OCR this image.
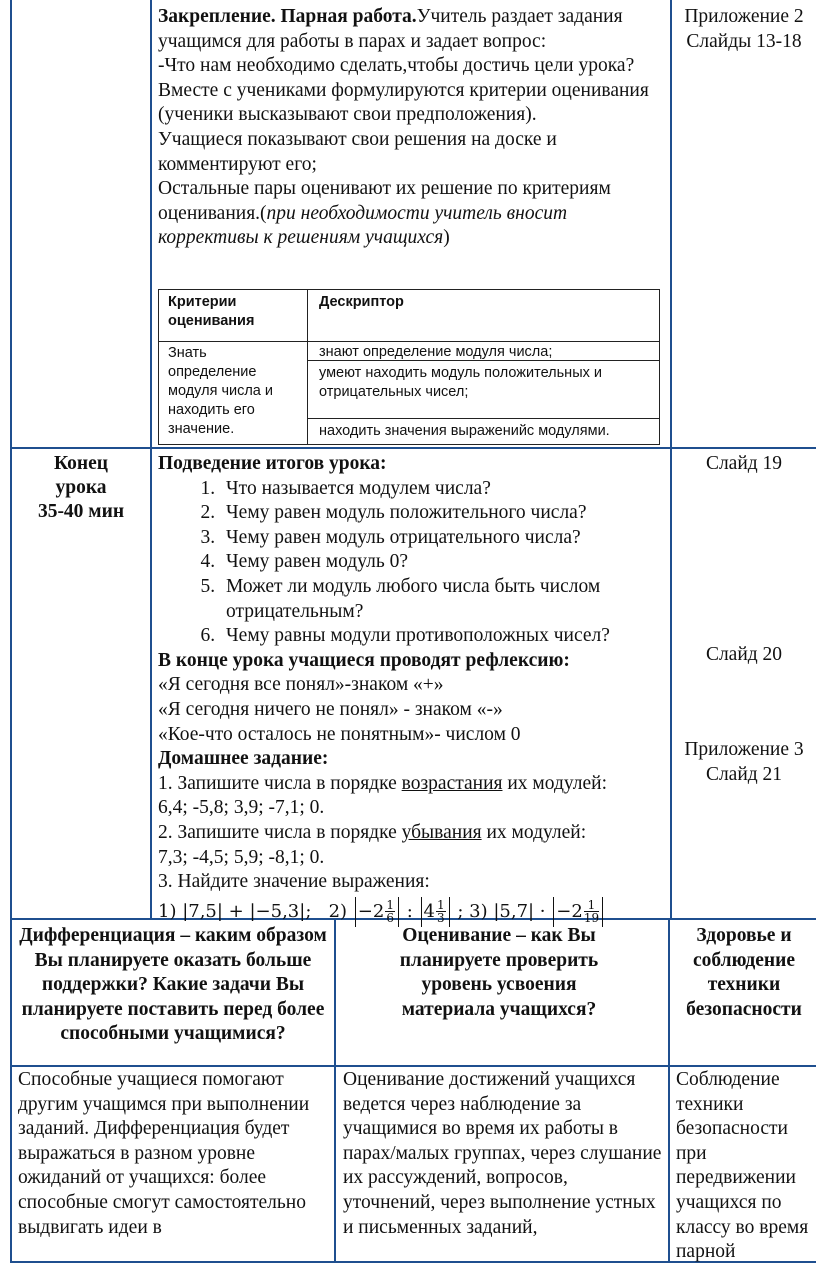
Закрепление. Парная работа.Учитель раздает задания учащимся для работы в парах и задает вопрос:

-Что нам необходимо сделать,чтобы достичь цели урока?

Вместе с учениками формулируются критерии оценивания (ученики высказывают свои предположения).

Учащиеся показывают свои решения на доске и комментируют его;

Остальные пары оценивают их решение по критериям оценивания.(при необходимости учитель вносит коррективы к решениям учащихся)

Приложение 2 Слайды 13-18
Критерии оценивания
Дескриптор
Знать определение модуля числа и находить его значение.
знают определение модуля числа;
умеют находить модуль положительных и отрицательных чисел;
находить значения выраженийс модулями.
Конец
урока
35-40 мин
Подведение итогов урока:
1. Что называется модулем числа?
2. Чему равен модуль положительного числа?
3. Чему равен модуль отрицательного числа?
4. Чему равен модуль 0?
5. Может ли модуль любого числа быть числом отрицательным?
6. Чему равны модули противоположных чисел?
В конце урока учащиеся проводят рефлексию:
«Я сегодня все понял»-знаком «+»
«Я сегодня ничего не понял» - знаком «-»
«Кое-что осталось не понятным»- числом 0
Домашнее задание:
1. Запишите числа в порядке возрастания их модулей:
6,4; -5,8; 3,9; -7,1; 0.
2. Запишите числа в порядке убывания их модулей:
7,3; -4,5; 5,9; -8,1; 0.
3. Найдите значение выражения:
1) |7,5| + |−5,3|; $2) -2 \frac{1}{6}$ : $4 \frac{1}{3}$ ; 3) $|5,7| \cdot -2 \frac{1}{19}$
Слайд 19
Слайд 20
Приложение 3 Слайд 21
Дифференциация – каким образом Вы планируете оказать больше поддержки? Какие задачи Вы планируете поставить перед более способными учащимися?
Оценивание – как Вы планируете проверить уровень усвоения материала учащихся?
Здоровье и соблюдение техники безопасности
Способные учащиеся помогают другим учащимся при выполнении заданий. Дифференциация будет выражаться в разном уровне ожиданий от учащихся: более способные смогут самостоятельно выдвигать идеи в
Оценивание достижений учащихся ведется через наблюдение за учащимися во время их работы в парах/малых группах, через слушание их рассуждений, вопросов, уточнений, через выполнение устных и письменных заданий,
Соблюдение техники безопасности при передвижении учащихся по классу во время парной
